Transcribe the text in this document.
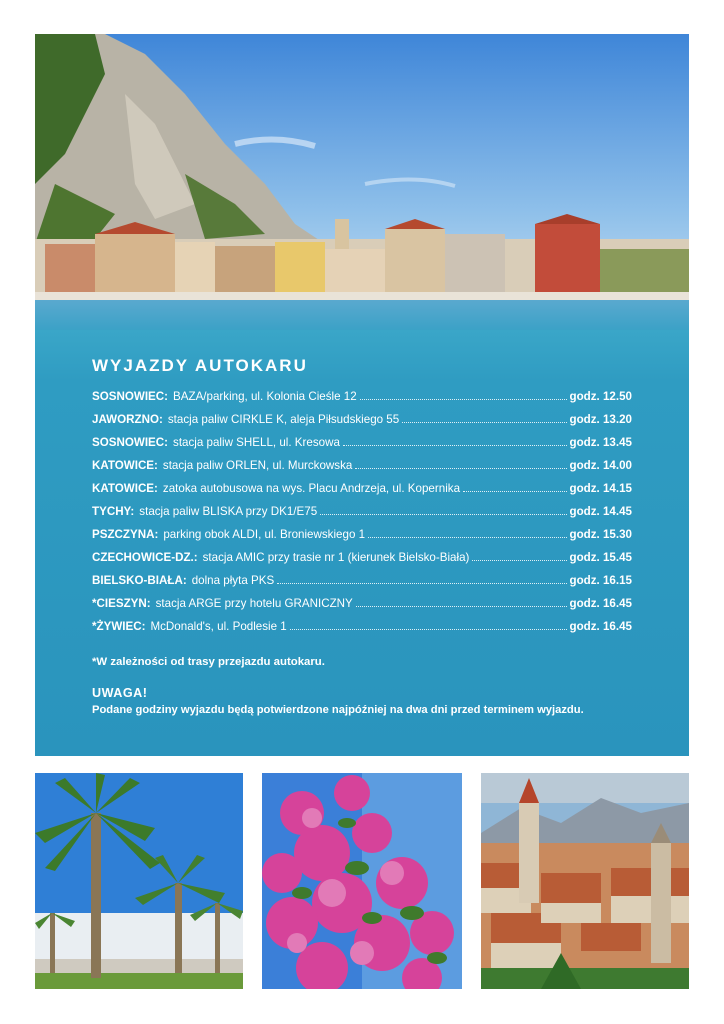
WYJAZDY AUTOKARU
SOSNOWIEC: BAZA/parking, ul. Kolonia Cieśle 12	godz. 12.50
JAWORZNO: stacja paliw CIRKLE K, aleja Piłsudskiego 55	godz. 13.20
SOSNOWIEC: stacja paliw SHELL, ul. Kresowa	godz. 13.45
KATOWICE: stacja paliw ORLEN, ul. Murckowska	godz. 14.00
KATOWICE: zatoka autobusowa na wys. Placu Andrzeja, ul. Kopernika	godz. 14.15
TYCHY: stacja paliw BLISKA przy DK1/E75	godz. 14.45
PSZCZYNA: parking obok ALDI, ul. Broniewskiego 1	godz. 15.30
CZECHOWICE-DZ.: stacja AMIC przy trasie nr 1 (kierunek Bielsko-Biała)	godz. 15.45
BIELSKO-BIAŁA: dolna płyta PKS	godz. 16.15
*CIESZYN: stacja ARGE przy hotelu GRANICZNY	godz. 16.45
*ŻYWIEC: McDonald's, ul. Podlesie 1	godz. 16.45
*W zależności od trasy przejazdu autokaru.
UWAGA!
Podane godziny wyjazdu będą potwierdzone najpóźniej na dwa dni przed terminem wyjazdu.
